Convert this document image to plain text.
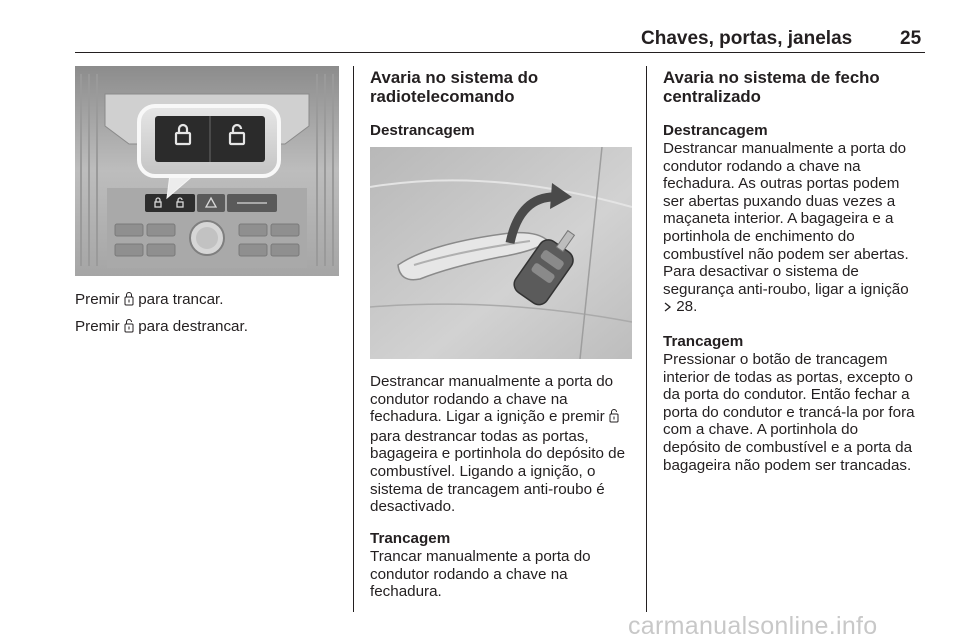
Chaves, portas, janelas	25
Premir para trancar.
Premir para destrancar.
Avaria no sistema do
radiotelecomando
Destrancagem
Destrancar manualmente a porta do
condutor rodando a chave na
fechadura. Ligar a ignição e premir
para destrancar todas as portas,
bagageira e portinhola do depósito de
combustível. Ligando a ignição, o
sistema de trancagem anti-roubo é
desactivado.
Trancagem
Trancar manualmente a porta do
condutor rodando a chave na
fechadura.
Avaria no sistema de fecho
centralizado
Destrancagem
Destrancar manualmente a porta do
condutor rodando a chave na
fechadura. As outras portas podem
ser abertas puxando duas vezes a
maçaneta interior. A bagageira e a
portinhola de enchimento do
combustível não podem ser abertas.
Para desactivar o sistema de
segurança anti-roubo, ligar a ignição
28.
Trancagem
Pressionar o botão de trancagem
interior de todas as portas, excepto o
da porta do condutor. Então fechar a
porta do condutor e trancá-la por fora
com a chave. A portinhola do
depósito de combustível e a porta da
bagageira não podem ser trancadas.
carmanualsonline.info
